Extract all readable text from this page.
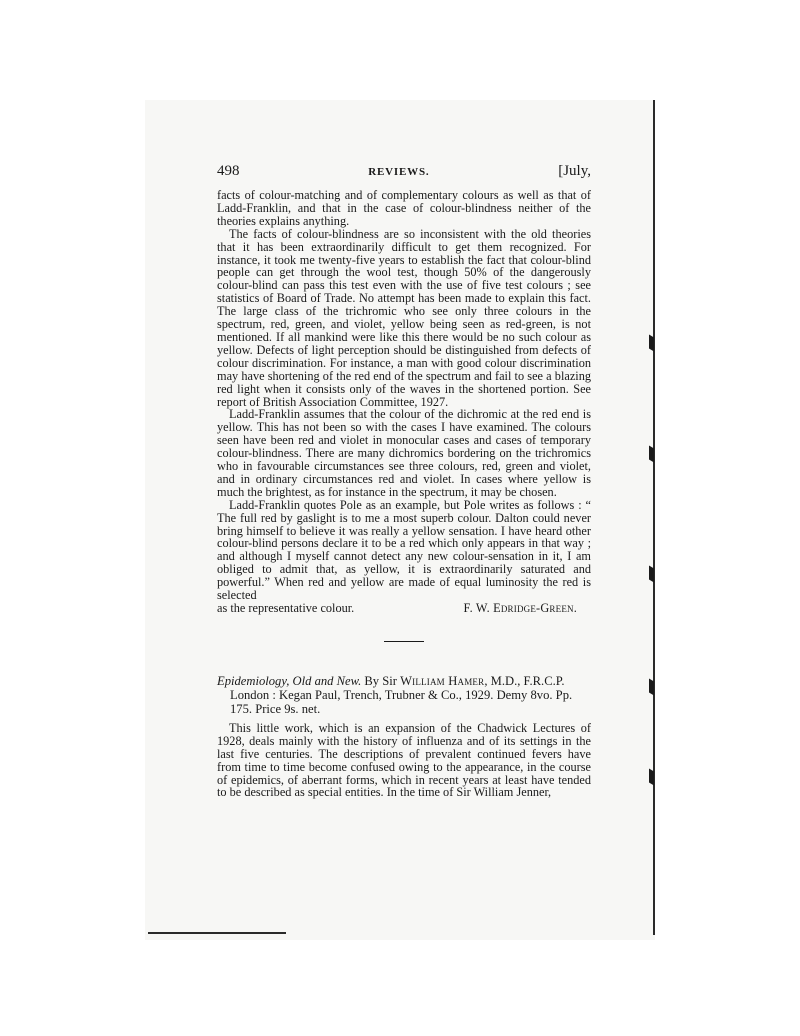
498	REVIEWS.	[July,

facts of colour-matching and of complementary colours as well as that of Ladd-Franklin, and that in the case of colour-blindness neither of the theories explains anything.

The facts of colour-blindness are so inconsistent with the old theories that it has been extraordinarily difficult to get them recognized. For instance, it took me twenty-five years to establish the fact that colour-blind people can get through the wool test, though 50% of the dangerously colour-blind can pass this test even with the use of five test colours ; see statistics of Board of Trade. No attempt has been made to explain this fact. The large class of the trichromic who see only three colours in the spectrum, red, green, and violet, yellow being seen as red-green, is not mentioned. If all mankind were like this there would be no such colour as yellow. Defects of light perception should be distinguished from defects of colour discrimination. For instance, a man with good colour discrimination may have shortening of the red end of the spectrum and fail to see a blazing red light when it consists only of the waves in the shortened portion. See report of British Association Committee, 1927.

Ladd-Franklin assumes that the colour of the dichromic at the red end is yellow. This has not been so with the cases I have examined. The colours seen have been red and violet in monocular cases and cases of temporary colour-blindness. There are many dichromics bordering on the trichromics who in favourable circumstances see three colours, red, green and violet, and in ordinary circumstances red and violet. In cases where yellow is much the brightest, as for instance in the spectrum, it may be chosen.

Ladd-Franklin quotes Pole as an example, but Pole writes as follows : “ The full red by gaslight is to me a most superb colour. Dalton could never bring himself to believe it was really a yellow sensation. I have heard other colour-blind persons declare it to be a red which only appears in that way ; and although I myself cannot detect any new colour-sensation in it, I am obliged to admit that, as yellow, it is extraordinarily saturated and powerful.” When red and yellow are made of equal luminosity the red is selected

as the representative colour.	F. W. Edridge-Green.

Epidemiology, Old and New. By Sir William Hamer, M.D., F.R.C.P. London : Kegan Paul, Trench, Trubner & Co., 1929. Demy 8vo. Pp. 175. Price 9s. net.

This little work, which is an expansion of the Chadwick Lectures of 1928, deals mainly with the history of influenza and of its settings in the last five centuries. The descriptions of prevalent continued fevers have from time to time become confused owing to the appearance, in the course of epidemics, of aberrant forms, which in recent years at least have tended to be described as special entities. In the time of Sir William Jenner,
